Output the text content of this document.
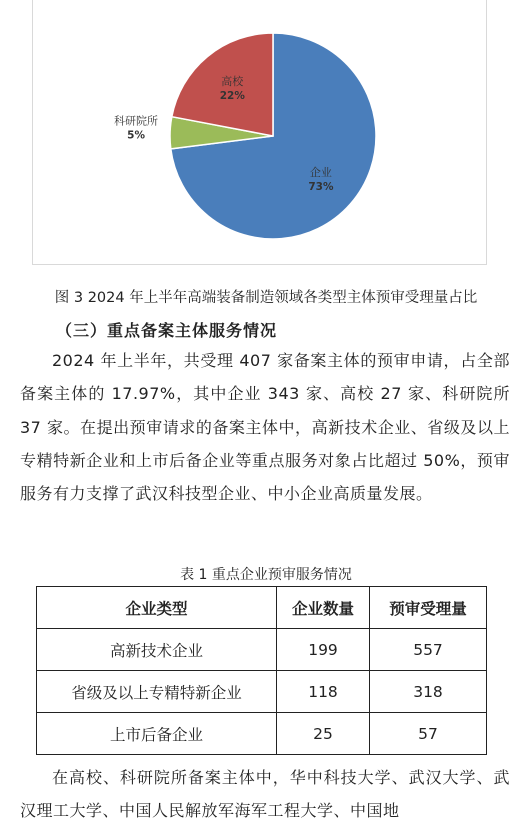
企业
73%
科研院所
5%
高校
22%
图 3 2024 年上半年高端装备制造领域各类型主体预审受理量占比
（三）重点备案主体服务情况

2024 年上半年，共受理 407 家备案主体的预审申请，占全部备案主体的 17.97%，其中企业 343 家、高校 27 家、科研院所 37 家。在提出预审请求的备案主体中，高新技术企业、省级及以上专精特新企业和上市后备企业等重点服务对象占比超过 50%，预审服务有力支撑了武汉科技型企业、中小企业高质量发展。

表 1 重点企业预审服务情况
企业类型	企业数量	预审受理量
高新技术企业	199	557
省级及以上专精特新企业	118	318
上市后备企业	25	57

在高校、科研院所备案主体中，华中科技大学、武汉大学、武汉理工大学、中国人民解放军海军工程大学、中国地
